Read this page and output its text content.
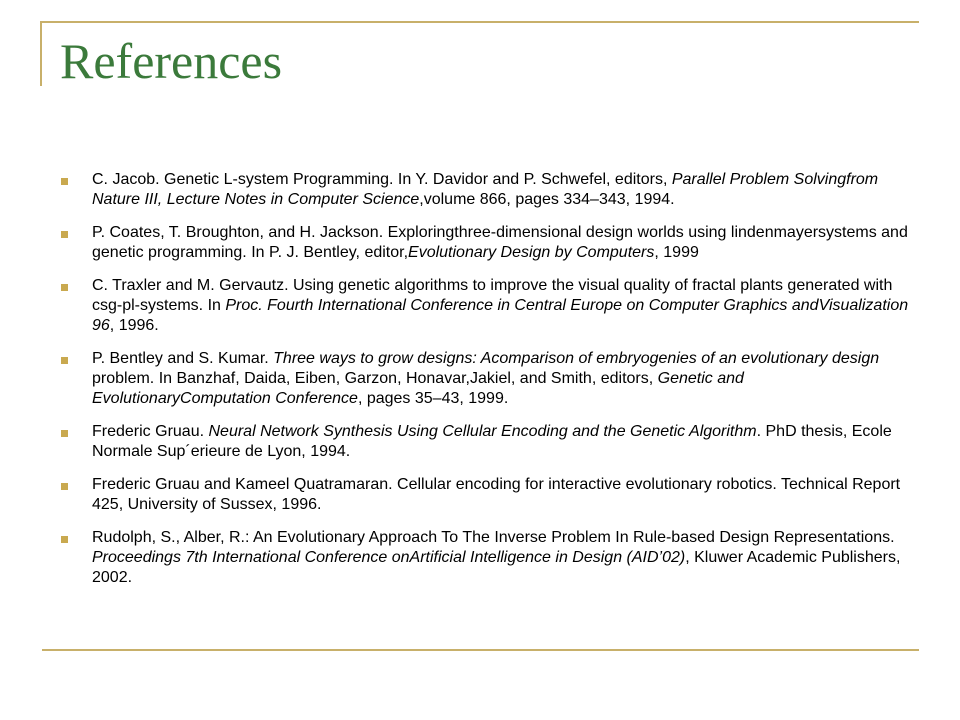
References
C. Jacob. Genetic L-system Programming. In Y. Davidor and P. Schwefel, editors, Parallel Problem Solvingfrom Nature III, Lecture Notes in Computer Science,volume 866, pages 334–343, 1994.
P. Coates, T. Broughton, and H. Jackson. Exploringthree-dimensional design worlds using lindenmayersystems and genetic programming. In P. J. Bentley, editor,Evolutionary Design by Computers, 1999
C. Traxler and M. Gervautz. Using genetic algorithms to improve the visual quality of fractal plants generated with csg-pl-systems. In Proc. Fourth International Conference in Central Europe on Computer Graphics andVisualization 96, 1996.
P. Bentley and S. Kumar. Three ways to grow designs: Acomparison of embryogenies of an evolutionary design problem. In Banzhaf, Daida, Eiben, Garzon, Honavar,Jakiel, and Smith, editors, Genetic and EvolutionaryComputation Conference, pages 35–43, 1999.
Frederic Gruau. Neural Network Synthesis Using Cellular Encoding and the Genetic Algorithm. PhD thesis, Ecole Normale Sup´erieure de Lyon, 1994.
Frederic Gruau and Kameel Quatramaran. Cellular encoding for interactive evolutionary robotics. Technical Report 425, University of Sussex, 1996.
Rudolph, S., Alber, R.: An Evolutionary Approach To The Inverse Problem In Rule-based Design Representations. Proceedings 7th International Conference onArtificial Intelligence in Design (AID’02), Kluwer Academic Publishers, 2002.
